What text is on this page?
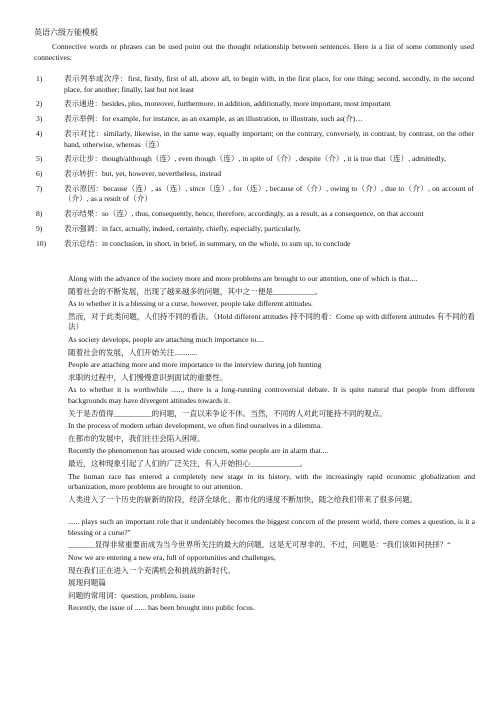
英语六级万能模板
Connective words or phrases can be used point out the thought relationship between sentences. Here is a list of some commonly used connectives:
1)	表示列举或次序：first, firstly, first of all, above all, to begin with, in the first place, for one thing; second, secondly, in the second place, for another; finally, last but not least
2)	表示递进：besides, plus, moreover, furthermore, in addition, additionally, more important, most important
3)	表示举例：for example, for instance, as an example, as an illustration, to illustrate, such as(介)…
4)	表示对比：similarly, likewise, in the same way, equally important; on the contrary, conversely, in contrast, by contrast, on the other hand, otherwise, whereas（连）
5)	表示让步：though/although（连）, even though（连）, in spite of（介）, despite（介）, it is true that（连）, admittedly,
6)	表示转折：but, yet, however, nevertheless, instead
7)	表示原因：because（连）, as（连）, since（连）, for（连）, because of（介）, owing to（介）, due to（介）, on account of（介）, as a result of（介）
8)	表示结果：so（连）, thus, consequently, hence, therefore, accordingly, as a result, as a consequence, on that account
9)	表示强调：in fact, actually, indeed, certainly, chiefly, especially, particularly,
10)	表示总结：in conclusion, in short, in brief, in summary, on the whole, to sum up, to conclude

Along with the advance of the society more and more problems are brought to our attention, one of which is that....

随着社会的不断发展，出现了越来越多的问题，其中之一便是___________。

As to whether it is a blessing or a curse, however, people take different attitudes.

然而，对于此类问题，人们持不同的看法。（Hold different attitudes 持不同的看：Come up with different attitudes 有不同的看法）

As society develops, people are attaching much importance to....

随着社会的发展，人们开始关注............

People are attaching more and more importance to the interview during job hunting

求职的过程中，人们慢慢意识到面试的重要性。

As to whether it is worthwhile ......, there is a long-running controversial debate. It is quite natural that people from different backgrounds may have divergent attitudes towards it.

关于是否值得__________的问题，一直以来争论不休。当然，不同的人对此可能持不同的观点。

In the process of modern urban development, we often find ourselves in a dilemma.

在都市的发展中，我们往往会陷入困境。

Recently the phenomenon has aroused wide concern, some people are in alarm that....

最近，这种现象引起了人们的广泛关注，有人开始担心_____________。

The human race has entered a completely new stage in its history, with the increasingly rapid economic globalization and urbanization, more problems are brought to our attention.

人类进入了一个历史的崭新的阶段，经济全球化、都市化的速度不断加快，随之给我们带来了很多问题。

...... plays such an important role that it undeniably becomes the biggest concern of the present world, there comes a question, is it a blessing or a curse?"

_______显得非常重要而成为当今世界所关注的最大的问题，这是无可厚非的。不过，问题是：“我们该如何抉择？“

Now we are entering a new era, full of opportunities and challenges,

现在我们正在进入一个充满机会和挑战的新时代。

展现问题篇

问题的常用词：question, problem, issue

Recently, the issue of ...... has been brought into public focus.
